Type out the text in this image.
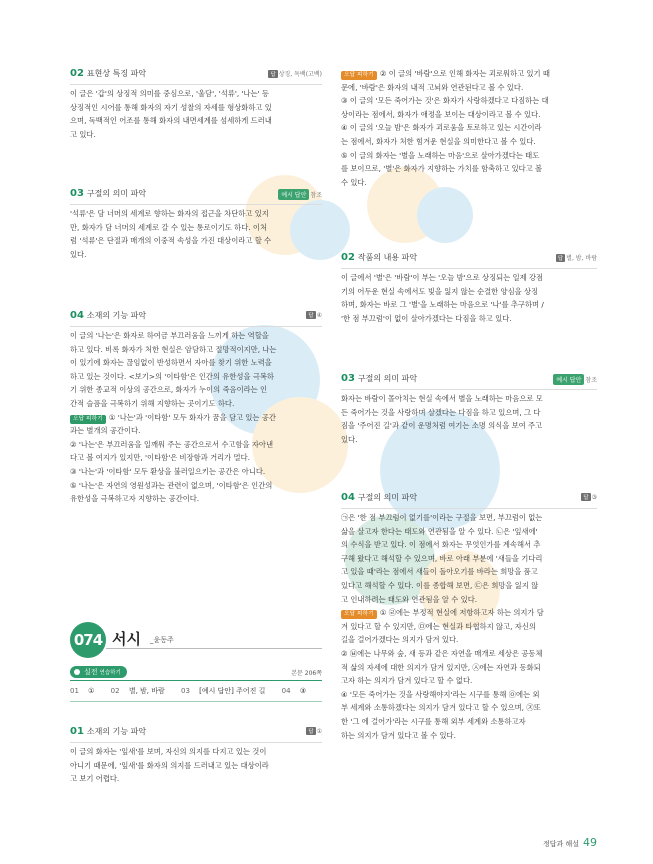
02 표현상 특징 파악	답 상징, 독백(고백)
이 글은 '갑'의 상징적 의미를 중심으로, '울담', '석류', '나는' 등
상징적인 시어를 통해 화자의 자기 성찰의 자세를 형상화하고 있
으며, 독백적인 어조를 통해 화자의 내면세계를 섬세하게 드러내
고 있다.
03 구절의 의미 파악	예시 답안 참조
'석류'은 담 너머의 세계로 향하는 화자의 접근을 차단하고 있지
만, 화자가 담 너머의 세계로 갈 수 있는 통로이기도 하다. 이처
럼 '석류'은 단절과 매개의 이중적 속성을 가진 대상이라고 할 수
있다.
04 소재의 기능 파악	답 ④
이 글의 '나는'은 화자로 하여금 부끄러움을 느끼게 하는 역할을
하고 있다. 비록 화자가 처한 현실은 암담하고 절망적이지만, 나는
이 있기에 화자는 끊임없이 반성하면서 자아를 찾기 위한 노력을
하고 있는 것이다. <보기>의 '이타함'은 인간의 유한성을 극복하
기 위한 종교적 이상의 공간으로, 화자가 누이의 죽음이라는 인
간적 슬픔을 극복하기 위해 지향하는 곳이기도 하다.
오답 피하기 ① '나는'과 '이타함' 모두 화자가 꿈을 담고 있는 공간
과는 별개의 공간이다.
② '나는'은 부끄러움을 일깨워 주는 공간으로서 수고함을 자아낸
다고 볼 여지가 있지만, '이타함'은 비장함과 거리가 멀다.
③ '나는'과 '이타함' 모두 환상을 불러일으키는 공간은 아니다.
⑤ '나는'은 자연의 영원성과는 관련이 없으며, '이타함'은 인간의
유한성을 극복하고자 지향하는 공간이다.
074 서시 _윤동주
실전 연습하기	본문 206쪽
01 ① 02 별, 밤, 바람 03 [예시 답안] 주어진 길 04 ③
01 소재의 기능 파악	답 ①
이 글의 화자는 '잎새'를 보며, 자신의 의지를 다지고 있는 것이
아니기 때문에, '잎새'를 화자의 의지를 드러내고 있는 대상이라
고 보기 어렵다.
오답 피하기 ② 이 글의 '바람'으로 인해 화자는 괴로워하고 있기 때
문에, '바람'은 화자의 내적 고뇌와 연관된다고 볼 수 있다.
③ 이 글의 '모든 죽어가는 것'은 화자가 사랑하겠다고 다짐하는 대
상이라는 점에서, 화자가 애정을 보이는 대상이라고 볼 수 있다.
④ 이 글의 '오늘 밤'은 화자가 괴로움을 토로하고 있는 시간이라
는 점에서, 화자가 처한 힘겨운 현실을 의미한다고 볼 수 있다.
⑤ 이 글의 화자는 '별을 노래하는 마음'으로 살아가겠다는 태도
를 보이므로, '별'은 화자가 지향하는 가치를 함축하고 있다고 볼
수 있다.
02 작품의 내용 파악	답 별, 밤, 바람
이 글에서 '별'은 '바람'이 부는 '오늘 밤'으로 상징되는 일제 강점
기의 어두운 현실 속에서도 빛을 잃지 않는 순결한 양심을 상징
하며, 화자는 바로 그 '별'을 노래하는 마음으로 '나'를 추구하며 /
'한 점 부끄럼'이 없이 살아가겠다는 다짐을 하고 있다.
03 구절의 의미 파악	예시 답안 참조
화자는 바람이 몰아치는 현실 속에서 별을 노래하는 마음으로 모
든 죽어가는 것을 사랑하며 살겠다는 다짐을 하고 있으며, 그 다
짐을 '주어진 길'과 같이 운명처럼 여기는 소명 의식을 보여 주고
있다.
04 구절의 의미 파악	답 ③
㉠은 '한 점 부끄럼이 없기를'이라는 구절을 보면, 부끄럼이 없는
삶을 살고자 한다는 태도와 연관됨을 알 수 있다. ㉡은 '잎새에'
의 수식을 받고 있다. 이 점에서 화자는 무엇인가를 계속해서 추
구해 왔다고 해석할 수 있으며, 바로 아래 부분에 '새들을 기다리
고 있을 때'라는 점에서 새들이 돌아오기를 바라는 희망을 품고
있다고 해석할 수 있다. 이를 종합해 보면, ㉢은 희망을 잃지 않
고 인내하려는 태도와 연관됨을 알 수 있다.
오답 피하기 ① ㉣에는 부정적 현실에 저항하고자 하는 의지가 담
겨 있다고 할 수 있지만, ㉤에는 현실과 타협하지 않고, 자신의
길을 걸어가겠다는 의지가 담겨 있다.
② ㉥에는 나무와 숲, 새 등과 같은 자연을 매개로 세상은 공동체
적 삶의 자세에 대한 의지가 담겨 있지만, ㉦에는 자연과 동화되
고자 하는 의지가 담겨 있다고 할 수 없다.
④ '모든 죽어가는 것을 사랑해야지'라는 시구를 통해 ㉧에는 외
부 세계와 소통하겠다는 의지가 담겨 있다고 할 수 있으며, ㉨또
한 '그 에 걸어가'라는 시구를 통해 외부 세계와 소통하고자
하는 의지가 담겨 있다고 볼 수 있다.
정답과 해설 49
